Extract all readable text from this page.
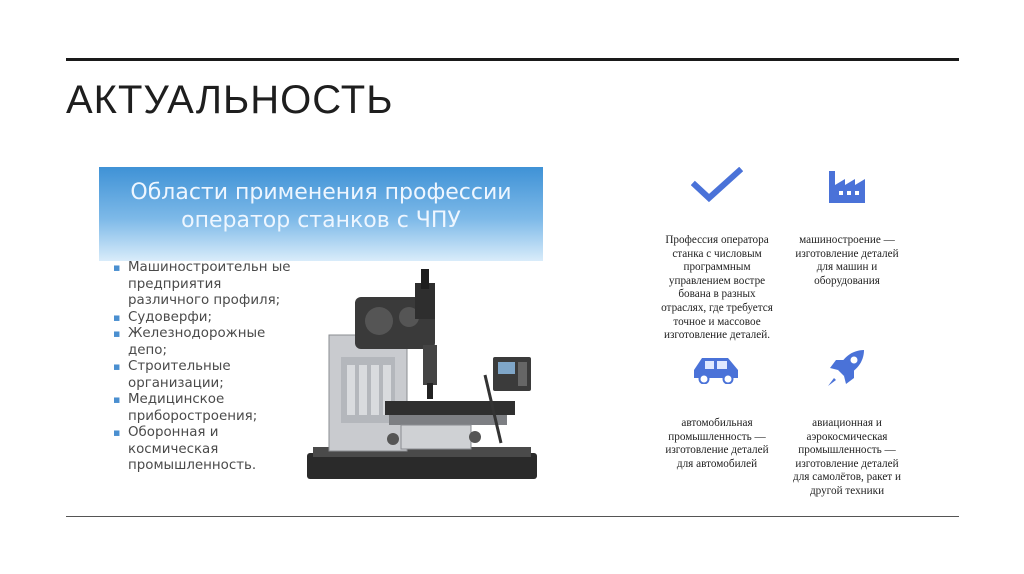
АКТУАЛЬНОСТЬ
Области применения профессии
оператор станков с ЧПУ
▪ Машиностроительн ые предприятия различного профиля;
▪ Судоверфи;
▪ Железнодорожные депо;
▪ Строительные организации;
▪ Медицинское приборостроения;
▪ Оборонная и космическая промышленность.
Профессия оператора станка с числовым программным управлением востре бована в разных отраслях, где требуется точное и массовое изготовление деталей.
машиностроение — изготовление деталей для машин и оборудования
автомобильная промышленность — изготовление деталей для автомобилей
авиационная и аэрокосмическая промышленность — изготовление деталей для самолётов, ракет и другой техники
